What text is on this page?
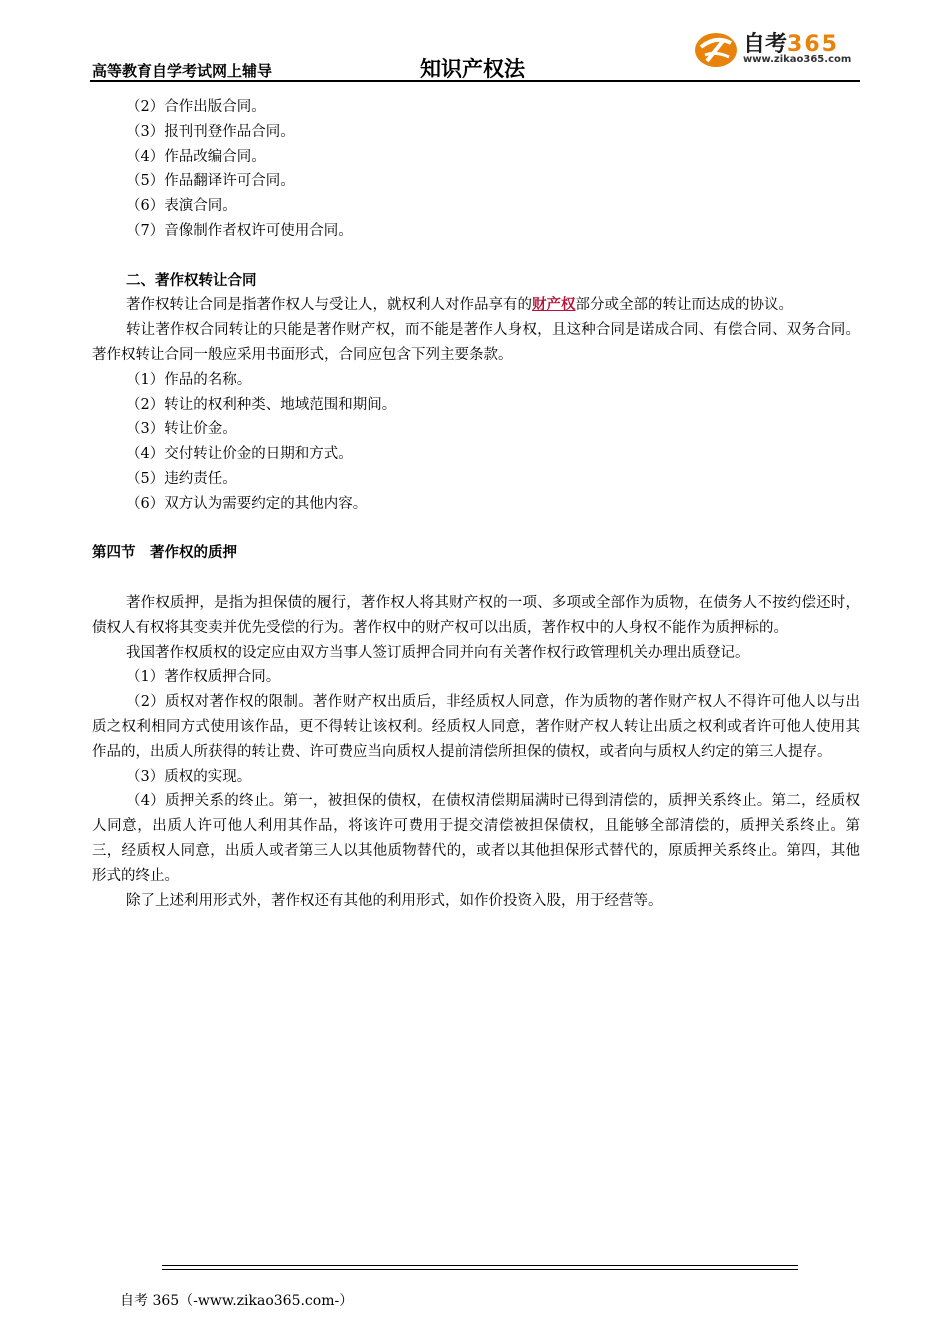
高等教育自学考试网上辅导	知识产权法
自考365
www.zikao365.com

（2）合作出版合同。

（3）报刊刊登作品合同。

（4）作品改编合同。

（5）作品翻译许可合同。

（6）表演合同。

（7）音像制作者权许可使用合同。

二、著作权转让合同

著作权转让合同是指著作权人与受让人，就权利人对作品享有的财产权部分或全部的转让而达成的协议。

转让著作权合同转让的只能是著作财产权，而不能是著作人身权，且这种合同是诺成合同、有偿合同、双务合同。著作权转让合同一般应采用书面形式，合同应包含下列主要条款。

（1）作品的名称。

（2）转让的权利种类、地域范围和期间。

（3）转让价金。

（4）交付转让价金的日期和方式。

（5）违约责任。

（6）双方认为需要约定的其他内容。

第四节　著作权的质押

著作权质押，是指为担保债的履行，著作权人将其财产权的一项、多项或全部作为质物，在债务人不按约偿还时，债权人有权将其变卖并优先受偿的行为。著作权中的财产权可以出质，著作权中的人身权不能作为质押标的。

我国著作权质权的设定应由双方当事人签订质押合同并向有关著作权行政管理机关办理出质登记。

（1）著作权质押合同。

（2）质权对著作权的限制。著作财产权出质后，非经质权人同意，作为质物的著作财产权人不得许可他人以与出质之权利相同方式使用该作品，更不得转让该权利。经质权人同意，著作财产权人转让出质之权利或者许可他人使用其作品的，出质人所获得的转让费、许可费应当向质权人提前清偿所担保的债权，或者向与质权人约定的第三人提存。

（3）质权的实现。

（4）质押关系的终止。第一，被担保的债权，在债权清偿期届满时已得到清偿的，质押关系终止。第二，经质权人同意，出质人许可他人利用其作品，将该许可费用于提交清偿被担保债权，且能够全部清偿的，质押关系终止。第三，经质权人同意，出质人或者第三人以其他质物替代的，或者以其他担保形式替代的，原质押关系终止。第四，其他形式的终止。

除了上述利用形式外，著作权还有其他的利用形式，如作价投资入股，用于经营等。

自考 365（-www.zikao365.com-）
